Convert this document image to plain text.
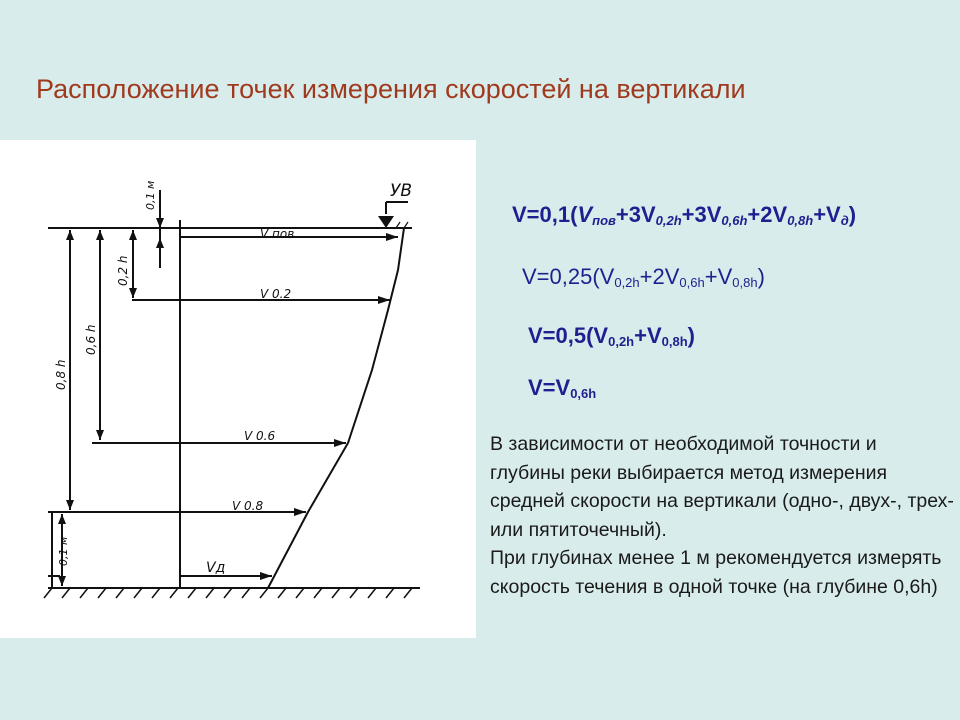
Расположение точек измерения скоростей на вертикали
УВ
V пов
V 0.2
V 0.6
V 0.8
Vд
0,1 м
0,2 h
0,6 h
0,8 h
0,1 м
$V=0,1(V_{пов}+3V_{0,2h}+3V_{0,6h}+2V_{0,8h}+V_д)$
$V=0,25(V_{0,2h}+2V_{0,6h}+V_{0,8h})$
$V=0,5(V_{0,2h}+V_{0,8h})$
$V=V_{0,6h}$

В зависимости от необходимой точности и глубины реки выбирается метод измерения средней скорости на вертикали (одно-, двух-, трех- или пятиточечный).

При глубинах менее 1 м рекомендуется измерять скорость течения в одной точке (на глубине 0,6h)
